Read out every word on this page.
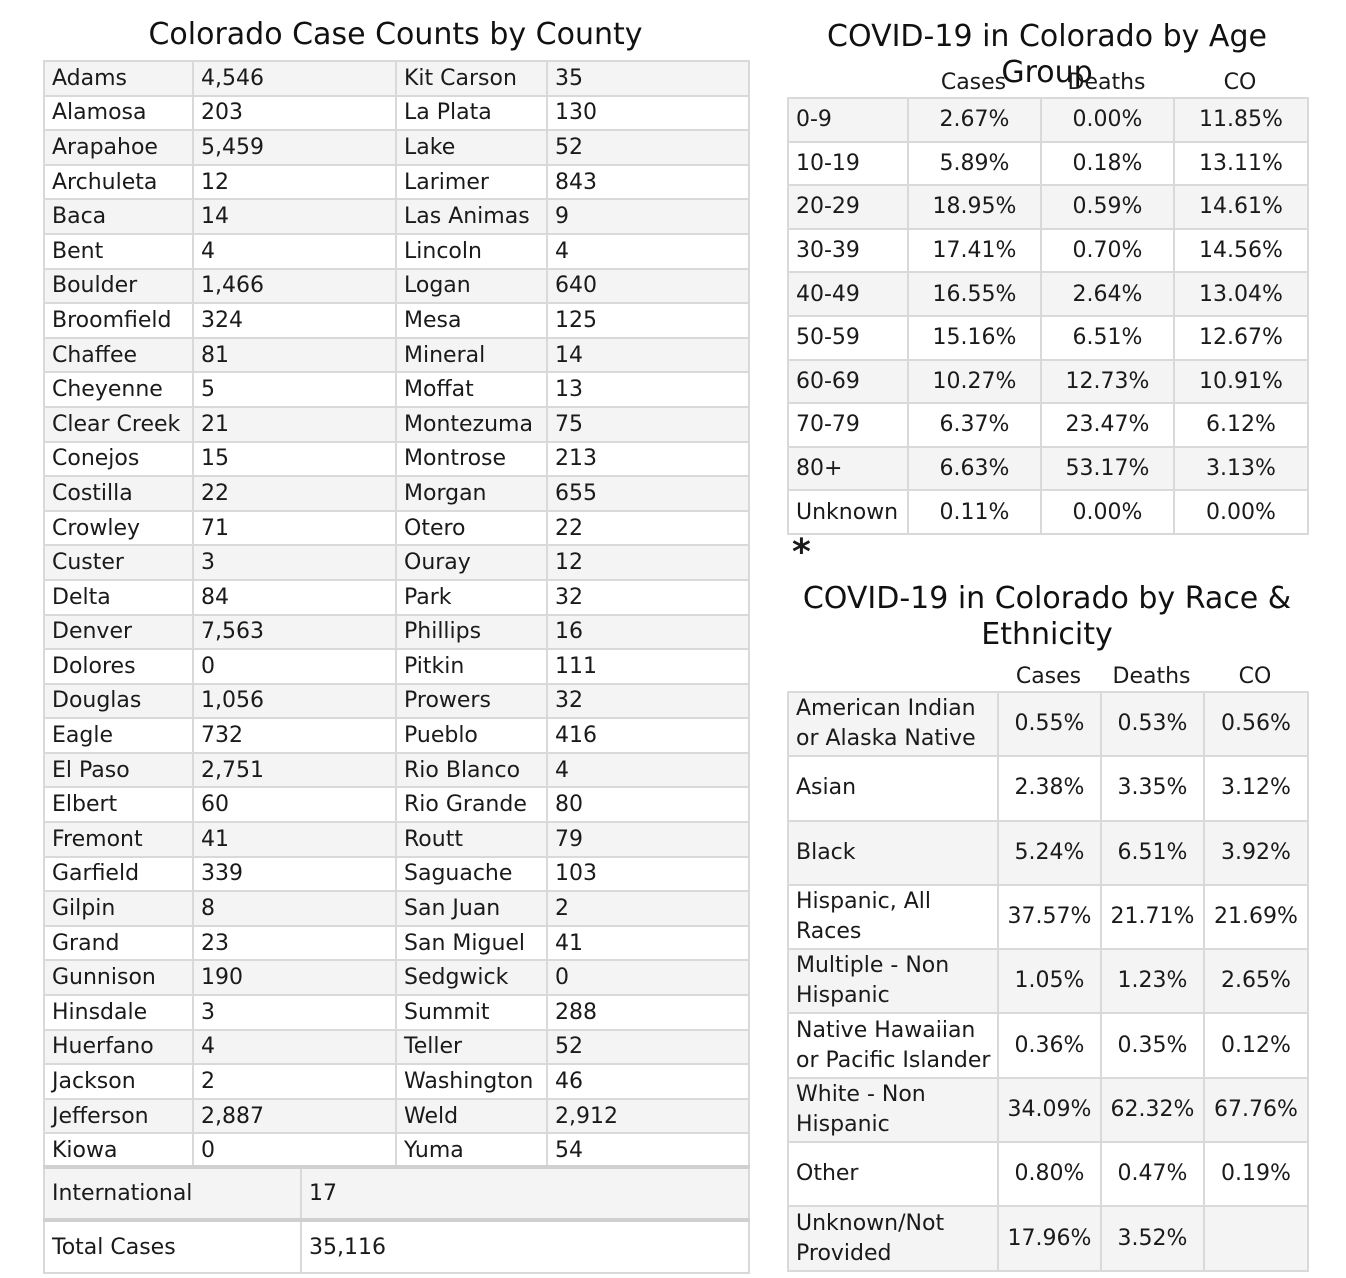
Colorado Case Counts by County
Adams	4,546	Kit Carson	35
Alamosa	203	La Plata	130
Arapahoe	5,459	Lake	52
Archuleta	12	Larimer	843
Baca	14	Las Animas	9
Bent	4	Lincoln	4
Boulder	1,466	Logan	640
Broomfield	324	Mesa	125
Chaffee	81	Mineral	14
Cheyenne	5	Moffat	13
Clear Creek	21	Montezuma	75
Conejos	15	Montrose	213
Costilla	22	Morgan	655
Crowley	71	Otero	22
Custer	3	Ouray	12
Delta	84	Park	32
Denver	7,563	Phillips	16
Dolores	0	Pitkin	111
Douglas	1,056	Prowers	32
Eagle	732	Pueblo	416
El Paso	2,751	Rio Blanco	4
Elbert	60	Rio Grande	80
Fremont	41	Routt	79
Garfield	339	Saguache	103
Gilpin	8	San Juan	2
Grand	23	San Miguel	41
Gunnison	190	Sedgwick	0
Hinsdale	3	Summit	288
Huerfano	4	Teller	52
Jackson	2	Washington	46
Jefferson	2,887	Weld	2,912
Kiowa	0	Yuma	54
International	17
Total Cases	35,116
COVID-19 in Colorado by Age Group
Cases	Deaths	CO
0-9	2.67%	0.00%	11.85%
10-19	5.89%	0.18%	13.11%
20-29	18.95%	0.59%	14.61%
30-39	17.41%	0.70%	14.56%
40-49	16.55%	2.64%	13.04%
50-59	15.16%	6.51%	12.67%
60-69	10.27%	12.73%	10.91%
70-79	6.37%	23.47%	6.12%
80+	6.63%	53.17%	3.13%
Unknown	0.11%	0.00%	0.00%
*
COVID-19 in Colorado by Race & Ethnicity
Cases	Deaths	CO
American Indian or Alaska Native	0.55%	0.53%	0.56%
Asian	2.38%	3.35%	3.12%
Black	5.24%	6.51%	3.92%
Hispanic, All Races	37.57%	21.71%	21.69%
Multiple - Non Hispanic	1.05%	1.23%	2.65%
Native Hawaiian or Pacific Islander	0.36%	0.35%	0.12%
White - Non Hispanic	34.09%	62.32%	67.76%
Other	0.80%	0.47%	0.19%
Unknown/Not Provided	17.96%	3.52%	
